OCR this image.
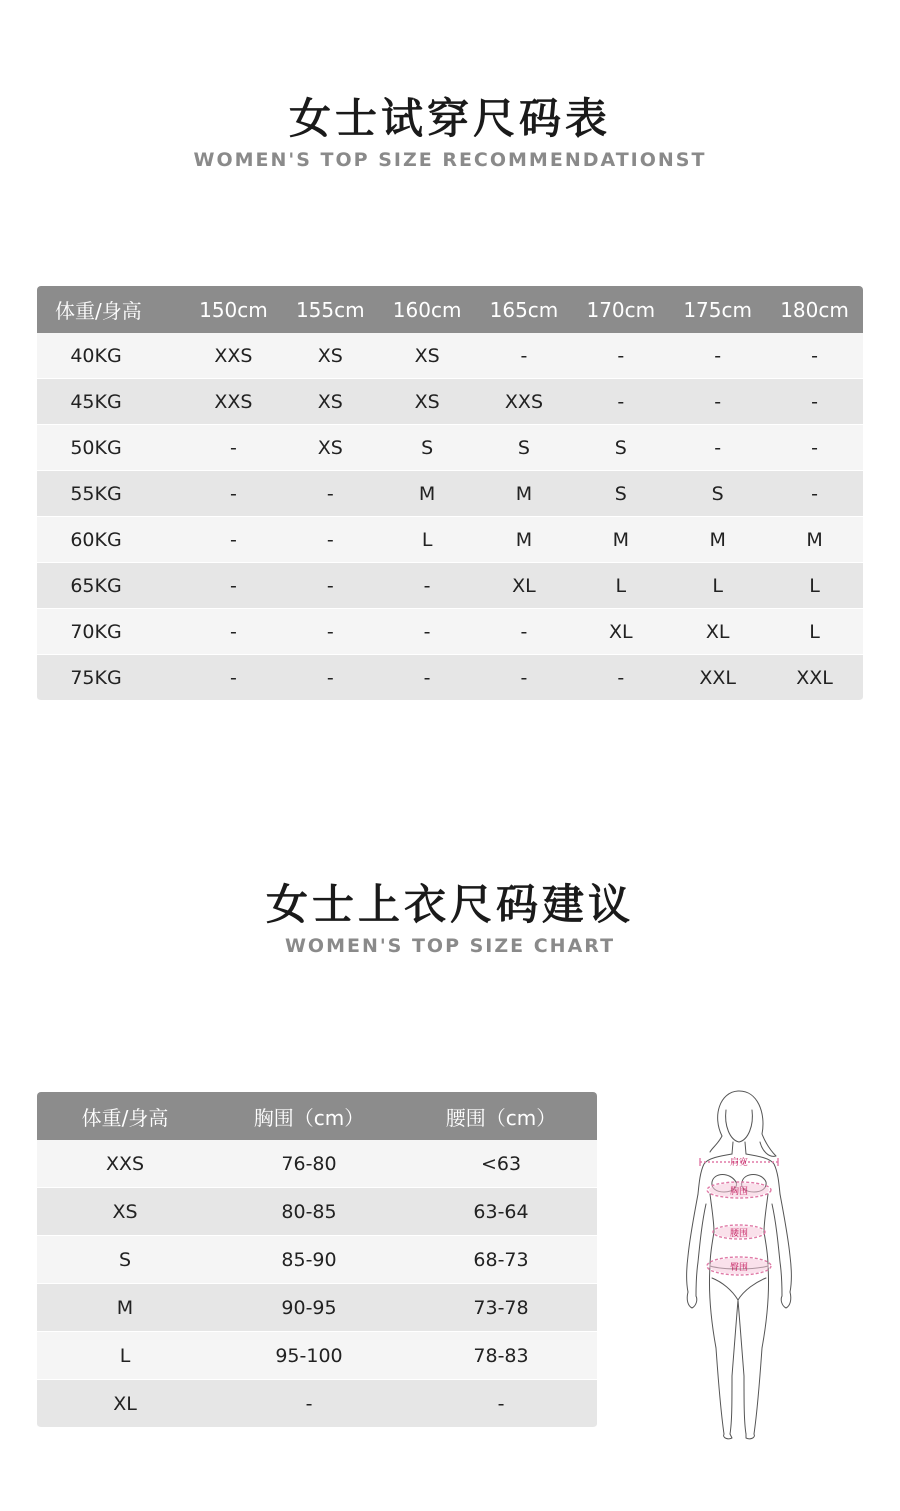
女士试穿尺码表
WOMEN'S TOP SIZE RECOMMENDATIONST
体重/身高	150cm	155cm	160cm	165cm	170cm	175cm	180cm
40KG	XXS	XS	XS	-	-	-	-
45KG	XXS	XS	XS	XXS	-	-	-
50KG	-	XS	S	S	S	-	-
55KG	-	-	M	M	S	S	-
60KG	-	-	L	M	M	M	M
65KG	-	-	-	XL	L	L	L
70KG	-	-	-	-	XL	XL	L
75KG	-	-	-	-	-	XXL	XXL
女士上衣尺码建议
WOMEN'S TOP SIZE CHART
体重/身高	胸围（cm）	腰围（cm）
XXS	76-80	<63
XS	80-85	63-64
S	85-90	68-73
M	90-95	73-78
L	95-100	78-83
XL	-	-
肩宽
胸围
腰围
臀围
